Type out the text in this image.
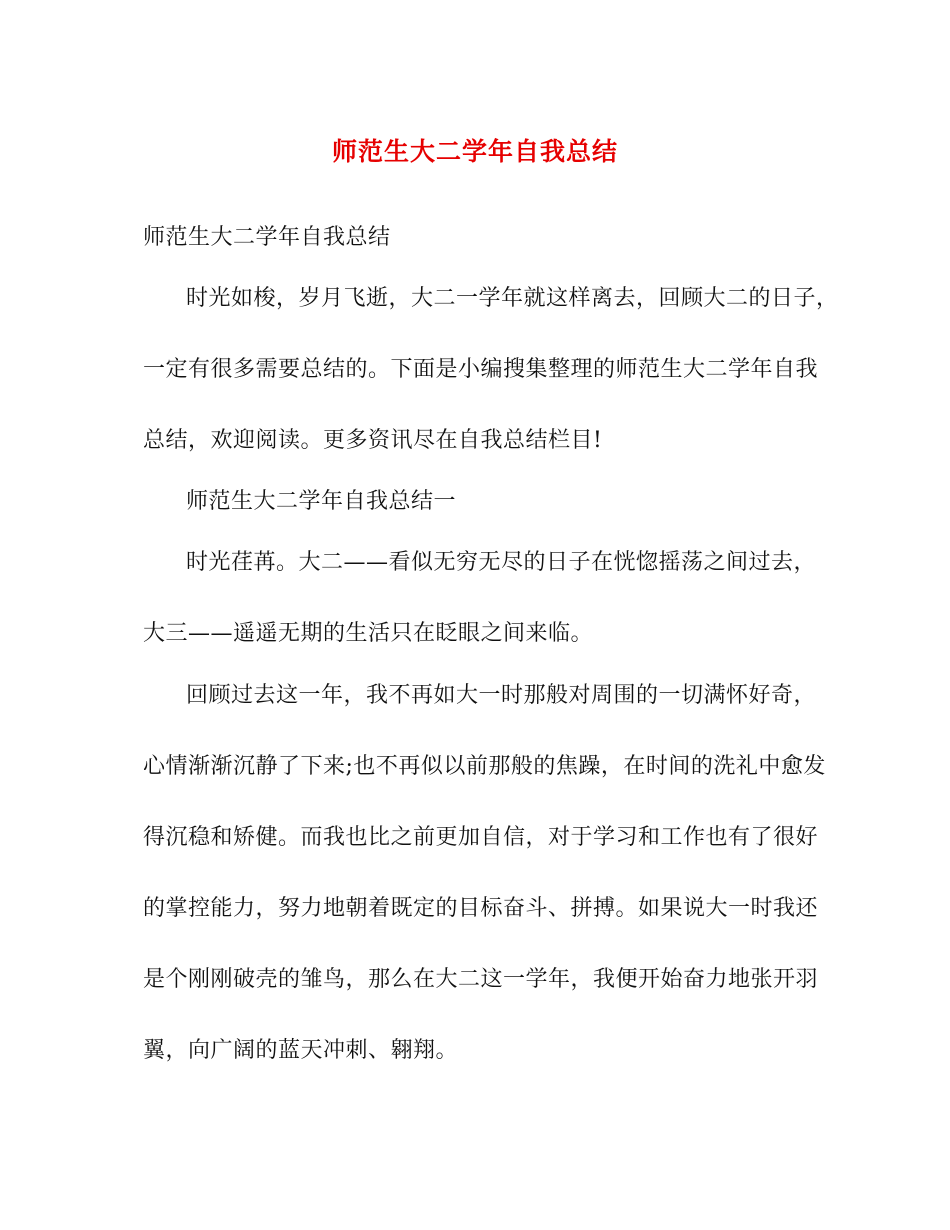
师范生大二学年自我总结
师范生大二学年自我总结
时光如梭，岁月飞逝，大二一学年就这样离去，回顾大二的日子，
一定有很多需要总结的。下面是小编搜集整理的师范生大二学年自我
总结，欢迎阅读。更多资讯尽在自我总结栏目!
师范生大二学年自我总结一
时光荏苒。大二——看似无穷无尽的日子在恍惚摇荡之间过去，
大三——遥遥无期的生活只在眨眼之间来临。
回顾过去这一年，我不再如大一时那般对周围的一切满怀好奇，
心情渐渐沉静了下来;也不再似以前那般的焦躁，在时间的洗礼中愈发
得沉稳和矫健。而我也比之前更加自信，对于学习和工作也有了很好
的掌控能力，努力地朝着既定的目标奋斗、拼搏。如果说大一时我还
是个刚刚破壳的雏鸟，那么在大二这一学年，我便开始奋力地张开羽
翼，向广阔的蓝天冲刺、翱翔。
